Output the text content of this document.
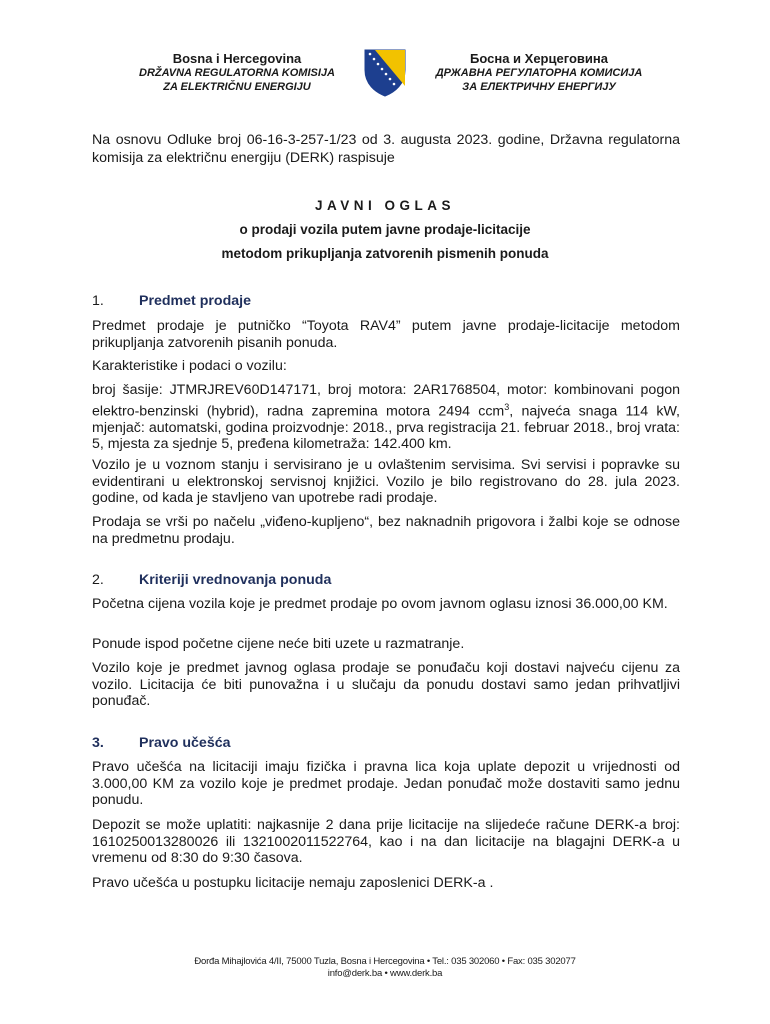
Bosna i Hercegovina
DRŽAVNA REGULATORNA KOMISIJA
ZA ELEKTRIČNU ENERGIJU
Босна и Херцеговина
ДРЖАВНА РЕГУЛАТОРНА КОМИСИЈА
ЗА ЕЛЕКТРИЧНУ ЕНЕРГИЈУ
Na osnovu Odluke broj 06-16-3-257-1/23 od 3. augusta 2023. godine, Državna regulatorna komisija za električnu energiju (DERK) raspisuje
JAVNI OGLAS
o prodaji vozila putem javne prodaje-licitacije
metodom prikupljanja zatvorenih pismenih ponuda
1. Predmet prodaje
Predmet prodaje je putničko “Toyota RAV4” putem javne prodaje-licitacije metodom prikupljanja zatvorenih pisanih ponuda.
Karakteristike i podaci o vozilu:
broj šasije: JTMRJREV60D147171, broj motora: 2AR1768504, motor: kombinovani pogon elektro-benzinski (hybrid), radna zapremina motora 2494 ccm$^3$, najveća snaga 114 kW, mjenjač: automatski, godina proizvodnje: 2018., prva registracija 21. februar 2018., broj vrata: 5, mjesta za sjednje 5, pređena kilometraža: 142.400 km.
Vozilo je u voznom stanju i servisirano je u ovlaštenim servisima. Svi servisi i popravke su evidentirani u elektronskoj servisnoj knjižici. Vozilo je bilo registrovano do 28. jula 2023. godine, od kada je stavljeno van upotrebe radi prodaje.
Prodaja se vrši po načelu „viđeno-kupljeno“, bez naknadnih prigovora i žalbi koje se odnose na predmetnu prodaju.
2. Kriteriji vrednovanja ponuda
Početna cijena vozila koje je predmet prodaje po ovom javnom oglasu iznosi 36.000,00 KM.
Ponude ispod početne cijene neće biti uzete u razmatranje.
Vozilo koje je predmet javnog oglasa prodaje se ponuđaču koji dostavi najveću cijenu za vozilo. Licitacija će biti punovažna i u slučaju da ponudu dostavi samo jedan prihvatljivi ponuđač.
3. Pravo učešća
Pravo učešća na licitaciji imaju fizička i pravna lica koja uplate depozit u vrijednosti od 3.000,00 KM za vozilo koje je predmet prodaje. Jedan ponuđač može dostaviti samo jednu ponudu.
Depozit se može uplatiti: najkasnije 2 dana prije licitacije na slijedeće račune DERK-a broj: 1610250013280026 ili 1321002011522764, kao i na dan licitacije na blagajni DERK-a u vremenu od 8:30 do 9:30 časova.
Pravo učešća u postupku licitacije nemaju zaposlenici DERK-a .
Đorđa Mihajlovića 4/II, 75000 Tuzla, Bosna i Hercegovina • Tel.: 035 302060 • Fax: 035 302077
info@derk.ba • www.derk.ba
